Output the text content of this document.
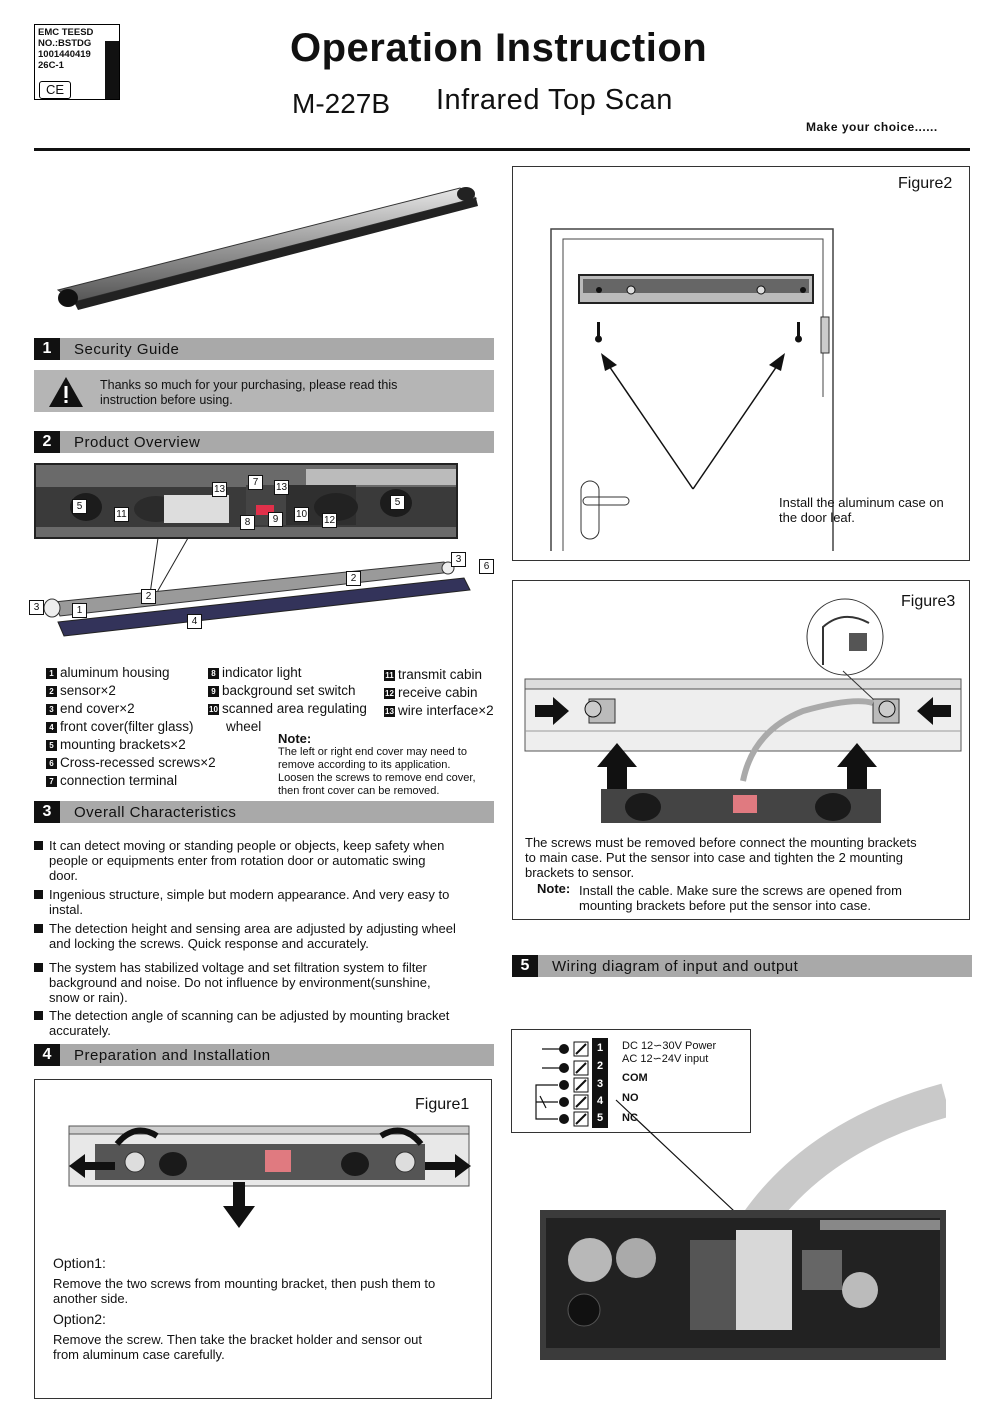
EMC TEESD
NO.:BSTDG
1001440419
26C-1
CE
Operation Instruction
M-227B Infrared Top Scan
Make your choice......
1	Security Guide
Thanks so much for your purchasing, please read this
instruction before using.
2	Product Overview
5
11
13
7	13
8	9	10
12
5
3
6
2
2
3	1
4
1 aluminum housing
2 sensor×2
3 end cover×2
4 front cover(filter glass)
5 mounting brackets×2
6 Cross-recessed screws×2
7 connection terminal
8 indicator light
9 background set switch
10 scanned area regulating
wheel
11 transmit cabin
12 receive cabin
13 wire interface×2
Note:
The left or right end cover may need to
remove according to its application.
Loosen the screws to remove end cover,
then front cover can be removed.
3	Overall Characteristics
It can detect moving or standing people or objects, keep safety when
people or equipments enter from rotation door or automatic swing
door.
Ingenious structure, simple but modern appearance. And very easy to
instal.
The detection height and sensing area are adjusted by adjusting wheel
and locking the screws. Quick response and accurately.
The system has stabilized voltage and set filtration system to filter
background and noise. Do not influence by environment(sunshine,
snow or rain).
The detection angle of scanning can be adjusted by mounting bracket
accurately.
4	Preparation and Installation
Figure1
Option1:
Remove the two screws from mounting bracket, then push them to
another side.
Option2:
Remove the screw. Then take the bracket holder and sensor out
from aluminum case carefully.
Figure2
Install the aluminum case on
the door leaf.
Figure3
The screws must be removed before connect the mounting brackets
to main case. Put the sensor into case and tighten the 2 mounting
brackets to sensor.
Note: Install the cable. Make sure the screws are opened from
mounting brackets before put the sensor into case.
5	Wiring diagram of input and output
1
2
3
4
5
DC 12∽30V Power
AC 12∽24V input
COM
NO
NC
